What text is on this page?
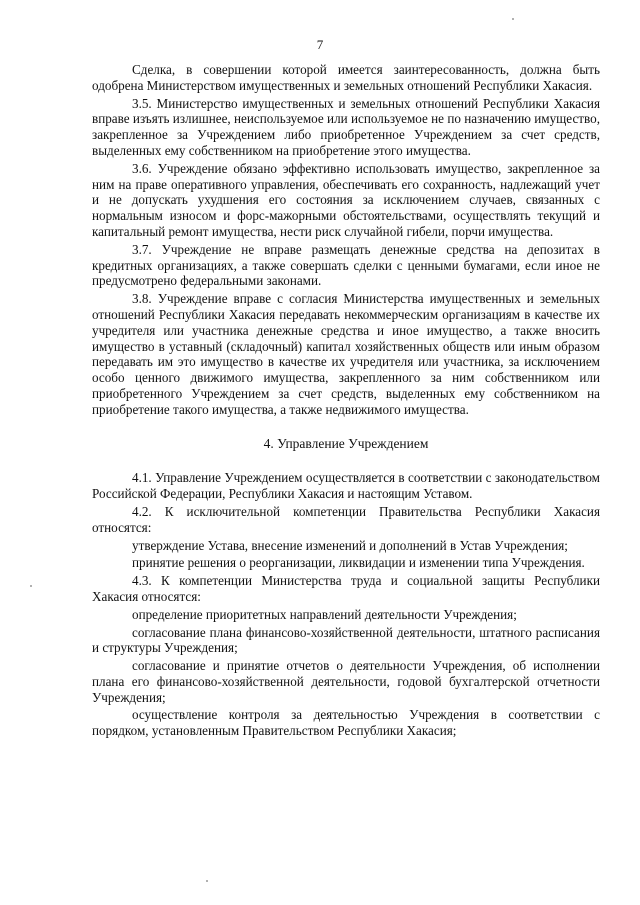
7

Сделка, в совершении которой имеется заинтересованность, должна быть одобрена Министерством имущественных и земельных отношений Республики Хакасия.

3.5. Министерство имущественных и земельных отношений Республики Хакасия вправе изъять излишнее, неиспользуемое или используемое не по назначению имущество, закрепленное за Учреждением либо приобретенное Учреждением за счет средств, выделенных ему собственником на приобретение этого имущества.

3.6. Учреждение обязано эффективно использовать имущество, закрепленное за ним на праве оперативного управления, обеспечивать его сохранность, надлежащий учет и не допускать ухудшения его состояния за исключением случаев, связанных с нормальным износом и форс-мажорными обстоятельствами, осуществлять текущий и капитальный ремонт имущества, нести риск случайной гибели, порчи имущества.

3.7. Учреждение не вправе размещать денежные средства на депозитах в кредитных организациях, а также совершать сделки с ценными бумагами, если иное не предусмотрено федеральными законами.

3.8. Учреждение вправе с согласия Министерства имущественных и земельных отношений Республики Хакасия передавать некоммерческим организациям в качестве их учредителя или участника денежные средства и иное имущество, а также вносить имущество в уставный (складочный) капитал хозяйственных обществ или иным образом передавать им это имущество в качестве их учредителя или участника, за исключением особо ценного движимого имущества, закрепленного за ним собственником или приобретенного Учреждением за счет средств, выделенных ему собственником на приобретение такого имущества, а также недвижимого имущества.

4. Управление Учреждением

4.1. Управление Учреждением осуществляется в соответствии с законодательством Российской Федерации, Республики Хакасия и настоящим Уставом.

4.2. К исключительной компетенции Правительства Республики Хакасия относятся:

утверждение Устава, внесение изменений и дополнений в Устав Учреждения;

принятие решения о реорганизации, ликвидации и изменении типа Учреждения.

4.3. К компетенции Министерства труда и социальной защиты Республики Хакасия относятся:

определение приоритетных направлений деятельности Учреждения;

согласование плана финансово-хозяйственной деятельности, штатного расписания и структуры Учреждения;

согласование и принятие отчетов о деятельности Учреждения, об исполнении плана его финансово-хозяйственной деятельности, годовой бухгалтерской отчетности Учреждения;

осуществление контроля за деятельностью Учреждения в соответствии с порядком, установленным Правительством Республики Хакасия;
